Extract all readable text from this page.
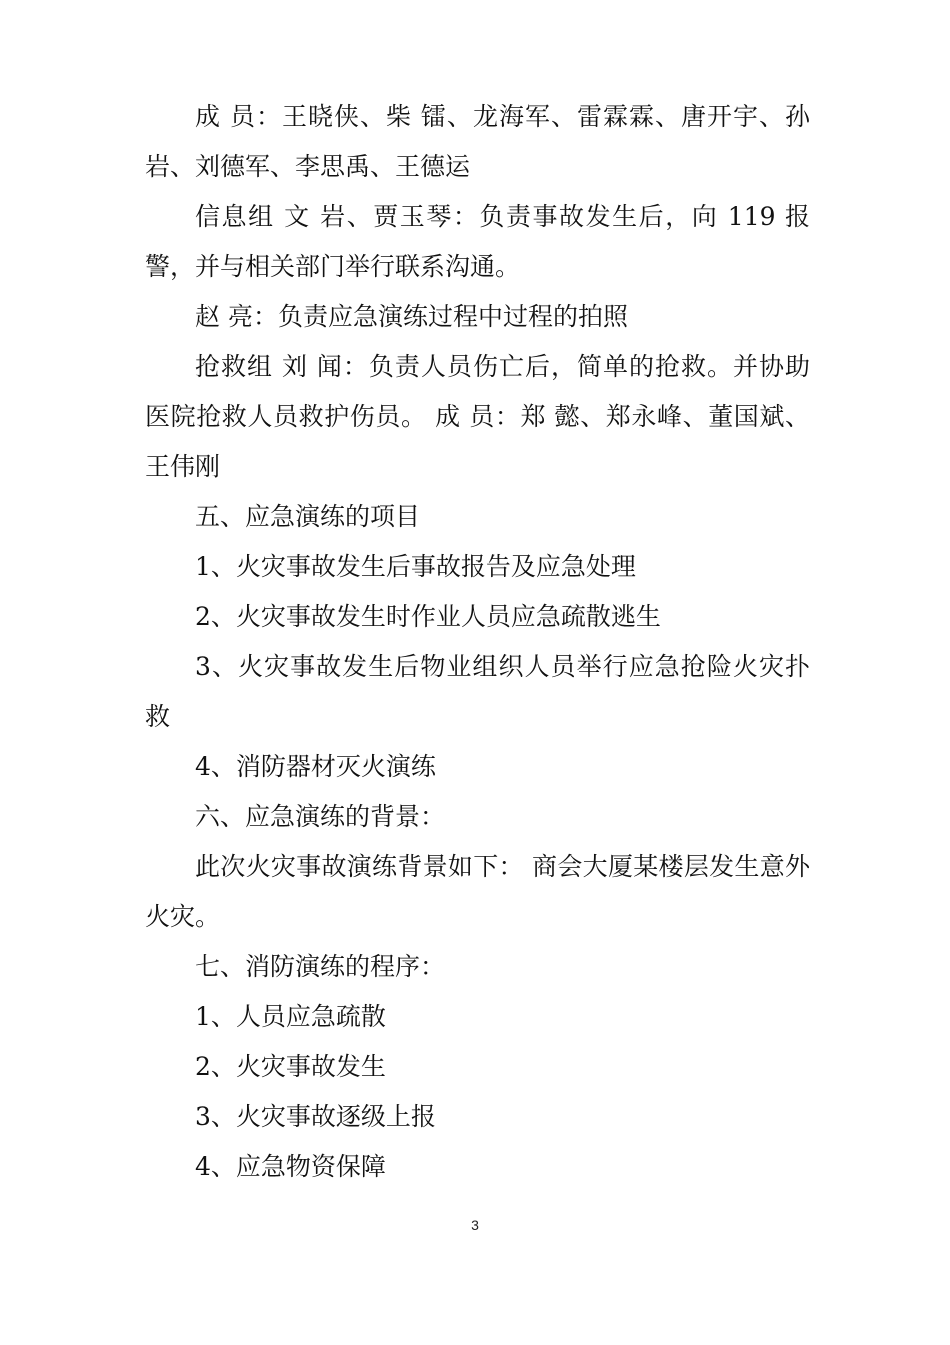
成 员：王晓侠、柴 镭、龙海军、雷霖霖、唐开宇、孙岩、刘德军、李思禹、王德运

信息组 文 岩、贾玉琴：负责事故发生后，向 119 报警，并与相关部门举行联系沟通。

赵 亮：负责应急演练过程中过程的拍照

抢救组 刘 闻：负责人员伤亡后，简单的抢救。并协助医院抢救人员救护伤员。 成 员：郑 懿、郑永峰、董国斌、王伟刚

五、应急演练的项目

1、火灾事故发生后事故报告及应急处理

2、火灾事故发生时作业人员应急疏散逃生

3、火灾事故发生后物业组织人员举行应急抢险火灾扑救

4、消防器材灭火演练

六、应急演练的背景：

此次火灾事故演练背景如下： 商会大厦某楼层发生意外火灾。

七、消防演练的程序：

1、人员应急疏散

2、火灾事故发生

3、火灾事故逐级上报

4、应急物资保障

3
